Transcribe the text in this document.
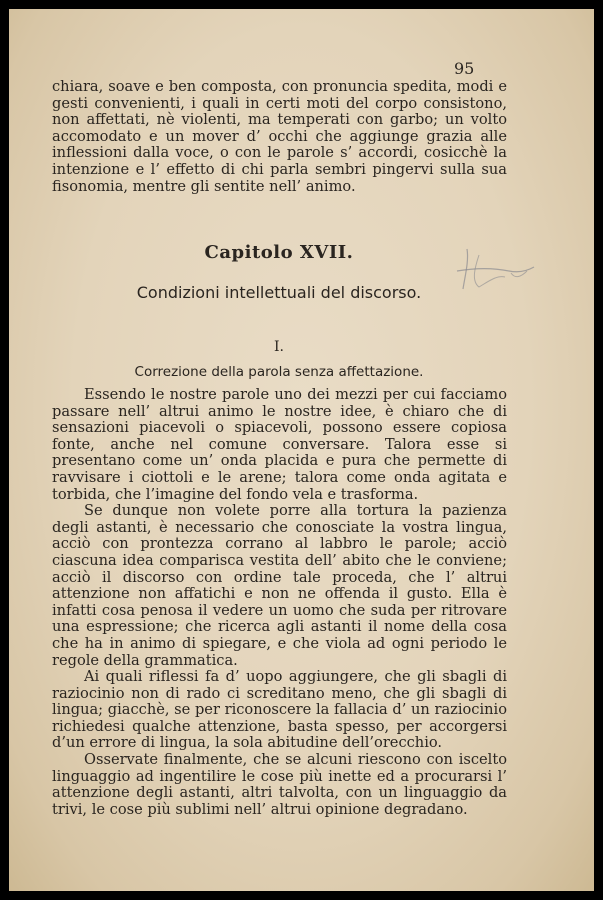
95

chiara, soave e ben composta, con pronuncia spedita, modi e gesti convenienti, i quali in certi moti del corpo consistono, non affettati, nè violenti, ma temperati con garbo; un volto accomodato e un mover d’ occhi che aggiunge grazia alle inflessioni dalla voce, o con le parole s’ accordi, cosicchè la intenzione e l’ effetto di chi parla sembri pingervi sulla sua fisonomia, mentre gli sentite nell’ animo.

Capitolo XVII.
Condizioni intellettuali del discorso.
I.
Correzione della parola senza affettazione.

Essendo le nostre parole uno dei mezzi per cui facciamo passare nell’ altrui animo le nostre idee, è chiaro che di sensazioni piacevoli o spiacevoli, possono essere copiosa fonte, anche nel comune conversare. Talora esse si presentano come un’ onda placida e pura che permette di ravvisare i ciottoli e le arene; talora come onda agitata e torbida, che l’imagine del fondo vela e trasforma.

Se dunque non volete porre alla tortura la pazienza degli astanti, è necessario che conosciate la vostra lingua, acciò con prontezza corrano al labbro le parole; acciò ciascuna idea comparisca vestita dell’ abito che le conviene; acciò il discorso con ordine tale proceda, che l’ altrui attenzione non affatichi e non ne offenda il gusto. Ella è infatti cosa penosa il vedere un uomo che suda per ritrovare una espressione; che ricerca agli astanti il nome della cosa che ha in animo di spiegare, e che viola ad ogni periodo le regole della grammatica.

Ai quali riflessi fa d’ uopo aggiungere, che gli sbagli di raziocinio non di rado ci screditano meno, che gli sbagli di lingua; giacchè, se per riconoscere la fallacia d’ un raziocinio richiedesi qualche attenzione, basta spesso, per accorgersi d’un errore di lingua, la sola abitudine dell’orecchio.

Osservate finalmente, che se alcuni riescono con iscelto linguaggio ad ingentilire le cose più inette ed a procurarsi l’ attenzione degli astanti, altri talvolta, con un linguaggio da trivi, le cose più sublimi nell’ altrui opinione degradano.
